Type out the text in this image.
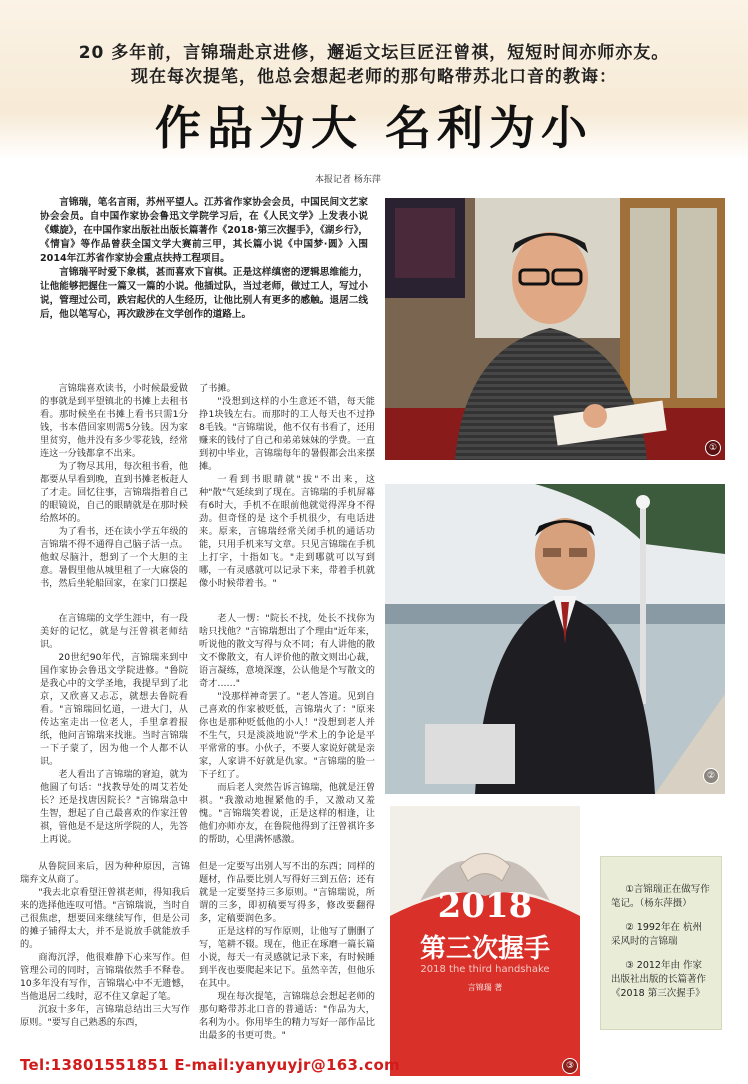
20 多年前，言锦瑞赴京进修，邂逅文坛巨匠汪曾祺，短短时间亦师亦友。
现在每次提笔，他总会想起老师的那句略带苏北口音的教诲：
作品为大 名利为小
本报记者 杨东萍

言锦瑞，笔名言雨，苏州平望人。江苏省作家协会会员，中国民间文艺家协会会员。自中国作家协会鲁迅文学院学习后，在《人民文学》上发表小说《蝶旋》，在中国作家出版社出版长篇著作《2018·第三次握手》，《湖乡行》，《情盲》等作品曾获全国文学大赛前三甲，其长篇小说《中国梦·圆》入围2014年江苏省作家协会重点扶持工程项目。

言锦瑞平时爱下象棋，甚而喜欢下盲棋。正是这样缜密的逻辑思维能力，让他能够把握住一篇又一篇的小说。他插过队，当过老师，做过工人，写过小说，管理过公司，跌宕起伏的人生经历，让他比别人有更多的感触。退居二线后，他以笔写心，再次跋涉在文学创作的道路上。

①

言锦瑞喜欢读书，小时候最爱做的事就是到平望镇北的书摊上去租书看。那时候坐在书摊上看书只需1分钱，书本借回家则需5分钱。因为家里贫穷，他并没有多少零花钱，经常连这一分钱都拿不出来。

为了物尽其用，每次租书看，他都要从早看到晚，直到书摊老板赶人了才走。回忆往事，言锦瑞指着自己的眼镜说，自己的眼睛就是在那时候给熬坏的。

为了看书，还在读小学五年级的言锦瑞不得不通得自己脑子活一点。他蚁尽脑汁，想到了一个大胆的主意。暑假里他从城里租了一大麻袋的书，然后坐轮船回家，在家门口摆起

了书摊。

"没想到这样的小生意还不错，每天能挣1块钱左右。而那时的工人每天也不过挣8毛钱。"言锦瑞说，他不仅有书看了，还用赚来的钱付了自己和弟弟妹妹的学费。一直到初中毕业，言锦瑞每年的暑假都会出来摆摊。

一看到书眼睛就"拔"不出来，这种"散"气延续到了现在。言锦瑞的手机屏幕有6时大，手机不在眼前他就觉得浑身不得劲。但奇怪的是 这个手机很少，有电话进来。原来，言锦瑞经常关闭手机的通话功能，只用手机来写文章。只见言锦瑞在手机上打字，十指如飞。"走到哪就可以写到哪，一有灵感就可以记录下来，带着手机就像小时候带着书。"

②

在言锦瑞的文学生涯中，有一段美好的记忆，就是与汪曾祺老师结识。

20世纪90年代，言锦瑞来到中国作家协会鲁迅文学院进修。"鲁院是我心中的文学圣地，我提早到了北京，又欣喜又忐忑，就想去鲁院看看。"言锦瑞回忆道，一进大门，从传达室走出一位老人，手里拿着报纸，他问言锦瑞来找谁。当时言锦瑞一下子蒙了，因为他一个人都不认识。

老人看出了言锦瑞的窘迫，就为他圆了句话："找教导处的周艾若处长？还是找唐因院长？"言锦瑞急中生智，想起了自己最喜欢的作家汪曾祺，管他是不是这所学院的人，先答上再说。

老人一愣："院长不找，处长不找你为啥只找他？"言锦瑞想出了个理由"近年来，听说他的散文写得与众不同；有人讲他的散文不像散文，有人评价他的散文则出心裁，语言凝练，意境深邃，公认他是个写散文的奇才……"

"没那样神奇罢了。"老人答道。见到自己喜欢的作家被贬低，言锦瑞火了："原来你也是那种贬低他的小人！"没想到老人并不生气，只是淡淡地说"学术上的争论是平平常常的事。小伙子，不要人家说好就是亲家，人家讲不好就是仇家。"言锦瑞的脸一下子红了。

而后老人突然告诉言锦瑞，他就是汪曾祺。"我激动地握紧他的手，又激动又羞愧。"言锦瑞笑着说，正是这样的相逢，让他们亦师亦友，在鲁院他得到了汪曾祺许多的帮助，心里满怀感激。

从鲁院回来后，因为种种原因，言锦瑞弃文从商了。

"我去北京看望汪曾祺老师，得知我后来的选择他连叹可惜。"言锦瑞说，当时自己很焦虑，想要回来继续写作，但是公司的摊子铺得太大，并不是说放手就能放手的。

商海沉浮，他很难静下心来写作。但管理公司的同时，言锦瑞依然手不释卷。10多年没有写作，言锦瑞心中不无遗憾，当他退居二线时，忍不住又拿起了笔。

沉寂十多年，言锦瑞总结出三大写作原则。"要写自己熟悉的东西，

但是一定要写出别人写不出的东西；同样的题材，作品要比别人写得好三到五倍；还有就是一定要坚持三多原则。"言锦瑞说，所谓的三多，即初稿要写得多，修改要翻得多，定稿要润色多。

正是这样的写作原则，让他写了删删了写，笔耕不辍。现在，他正在琢磨一篇长篇小说，每天一有灵感就记录下来，有时候睡到半夜也要爬起来记下。虽然辛苦，但他乐在其中。

现在每次提笔，言锦瑞总会想起老师的那句略带苏北口音的普通话："作品为大，名利为小。你用毕生的精力写好一部作品比出最多的书更可贵。"

2018
第三次握手
2018 the third handshake
言锦瑞 著
③

①言锦瑞正在做写作笔记。（杨东萍摄）

② 1992年在 杭州采风时的言锦瑞

③ 2012年由 作家出版社出版的长篇著作《2018 第三次握手》

Tel:13801551851 E-mail:yanyuyjr@163.com
